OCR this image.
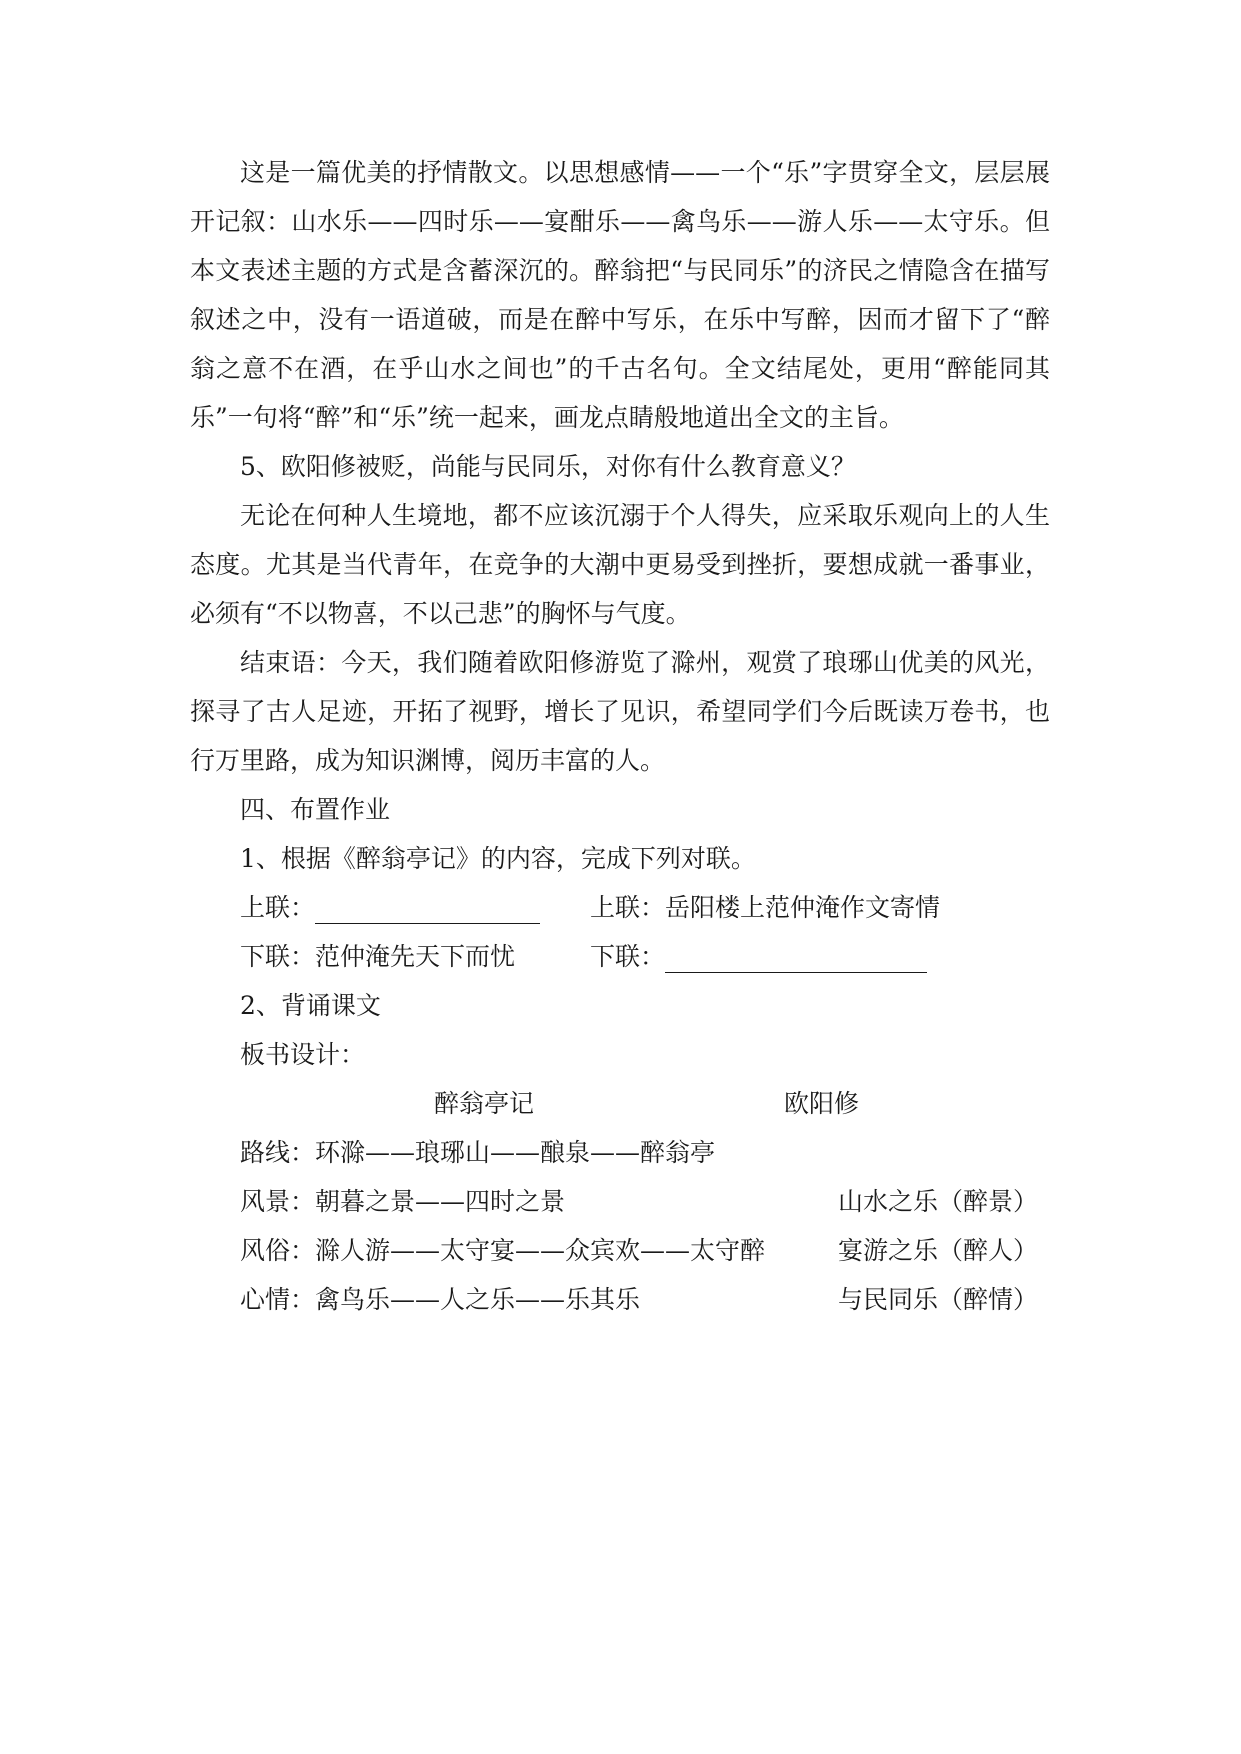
这是一篇优美的抒情散文。以思想感情——一个“乐”字贯穿全文，层层展开记叙：山水乐——四时乐——宴酣乐——禽鸟乐——游人乐——太守乐。但本文表述主题的方式是含蓄深沉的。醉翁把“与民同乐”的济民之情隐含在描写叙述之中，没有一语道破，而是在醉中写乐，在乐中写醉，因而才留下了“醉翁之意不在酒，在乎山水之间也”的千古名句。全文结尾处，更用“醉能同其乐”一句将“醉”和“乐”统一起来，画龙点睛般地道出全文的主旨。

5、欧阳修被贬，尚能与民同乐，对你有什么教育意义？

无论在何种人生境地，都不应该沉溺于个人得失，应采取乐观向上的人生态度。尤其是当代青年，在竞争的大潮中更易受到挫折，要想成就一番事业，必须有“不以物喜，不以己悲”的胸怀与气度。

结束语：今天，我们随着欧阳修游览了滁州，观赏了琅琊山优美的风光，探寻了古人足迹，开拓了视野，增长了见识，希望同学们今后既读万卷书，也行万里路，成为知识渊博，阅历丰富的人。

四、布置作业

1、根据《醉翁亭记》的内容，完成下列对联。

上联：	上联：岳阳楼上范仲淹作文寄情
下联：范仲淹先天下而忧	下联：

2、背诵课文

板书设计：

醉翁亭记	欧阳修
路线：环滁——琅琊山——酿泉——醉翁亭
风景：朝暮之景——四时之景	山水之乐（醉景）
风俗：滁人游——太守宴——众宾欢——太守醉	宴游之乐（醉人）
心情：禽鸟乐——人之乐——乐其乐	与民同乐（醉情）
